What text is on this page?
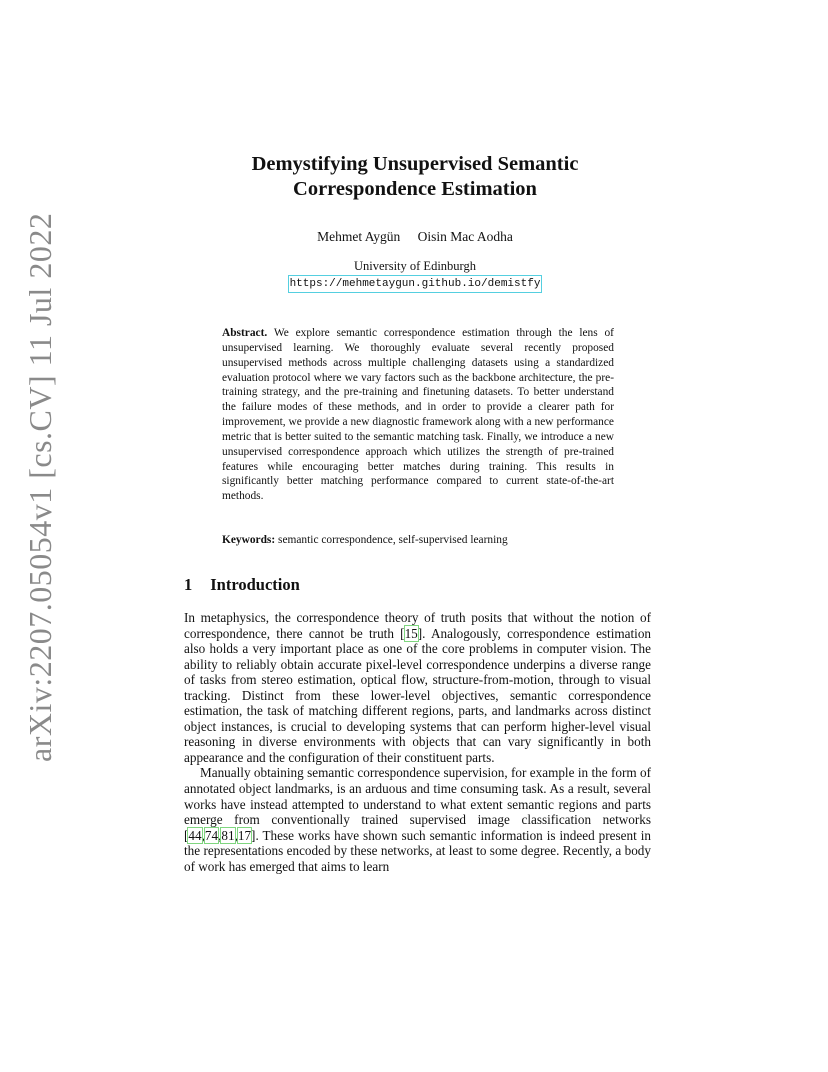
arXiv:2207.05054v1 [cs.CV] 11 Jul 2022
Demystifying Unsupervised Semantic
Correspondence Estimation
Mehmet Aygün Oisin Mac Aodha
University of Edinburgh
https://mehmetaygun.github.io/demistfy
Abstract. We explore semantic correspondence estimation through the lens of unsupervised learning. We thoroughly evaluate several recently proposed unsupervised methods across multiple challenging datasets using a standardized evaluation protocol where we vary factors such as the backbone architecture, the pre-training strategy, and the pre-training and finetuning datasets. To better understand the failure modes of these methods, and in order to provide a clearer path for improvement, we provide a new diagnostic framework along with a new performance metric that is better suited to the semantic matching task. Finally, we introduce a new unsupervised correspondence approach which utilizes the strength of pre-trained features while encouraging better matches during training. This results in significantly better matching performance compared to current state-of-the-art methods.
Keywords: semantic correspondence, self-supervised learning
1 Introduction

In metaphysics, the correspondence theory of truth posits that without the notion of correspondence, there cannot be truth [15]. Analogously, correspondence estimation also holds a very important place as one of the core problems in computer vision. The ability to reliably obtain accurate pixel-level correspondence underpins a diverse range of tasks from stereo estimation, optical flow, structure-from-motion, through to visual tracking. Distinct from these lower-level objectives, semantic correspondence estimation, the task of matching different regions, parts, and landmarks across distinct object instances, is crucial to developing systems that can perform higher-level visual reasoning in diverse environments with objects that can vary significantly in both appearance and the configuration of their constituent parts.

Manually obtaining semantic correspondence supervision, for example in the form of annotated object landmarks, is an arduous and time consuming task. As a result, several works have instead attempted to understand to what extent semantic regions and parts emerge from conventionally trained supervised image classification networks [44,74,81,17]. These works have shown such semantic information is indeed present in the representations encoded by these networks, at least to some degree. Recently, a body of work has emerged that aims to learn
